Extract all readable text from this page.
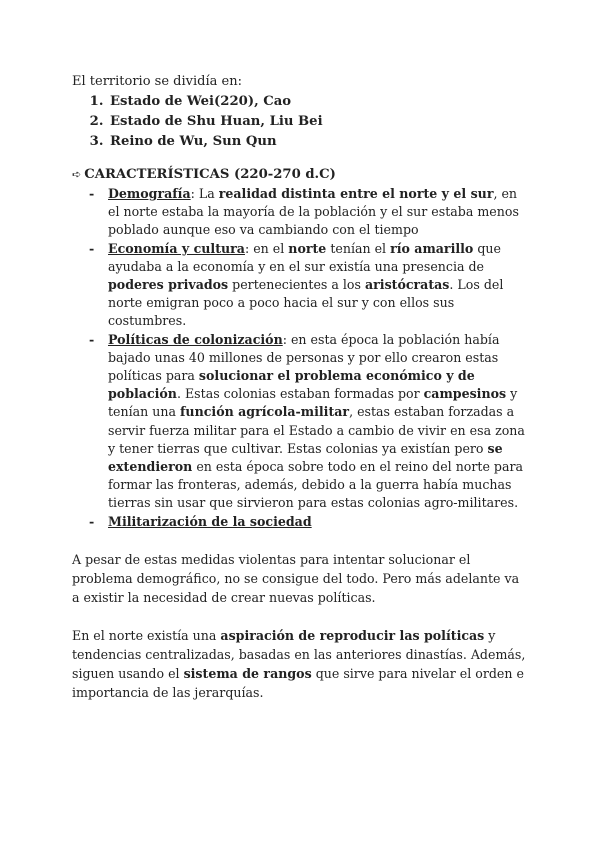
El territorio se dividía en:

1. Estado de Wei(220), Cao
2. Estado de Shu Huan, Liu Bei
3. Reino de Wu, Sun Qun
➪ CARACTERÍSTICAS (220-270 d.C)
- Demografía: La realidad distinta entre el norte y el sur, en el norte estaba la mayoría de la población y el sur estaba menos poblado aunque eso va cambiando con el tiempo
- Economía y cultura: en el norte tenían el río amarillo que ayudaba a la economía y en el sur existía una presencia de poderes privados pertenecientes a los aristócratas. Los del norte emigran poco a poco hacia el sur y con ellos sus costumbres.
- Políticas de colonización: en esta época la población había bajado unas 40 millones de personas y por ello crearon estas políticas para solucionar el problema económico y de población. Estas colonias estaban formadas por campesinos y tenían una función agrícola-militar, estas estaban forzadas a servir fuerza militar para el Estado a cambio de vivir en esa zona y tener tierras que cultivar. Estas colonias ya existían pero se extendieron en esta época sobre todo en el reino del norte para formar las fronteras, además, debido a la guerra había muchas tierras sin usar que sirvieron para estas colonias agro-militares.
- Militarización de la sociedad

A pesar de estas medidas violentas para intentar solucionar el problema demográfico, no se consigue del todo. Pero más adelante va a existir la necesidad de crear nuevas políticas.

En el norte existía una aspiración de reproducir las políticas y tendencias centralizadas, basadas en las anteriores dinastías. Además, siguen usando el sistema de rangos que sirve para nivelar el orden e importancia de las jerarquías.
